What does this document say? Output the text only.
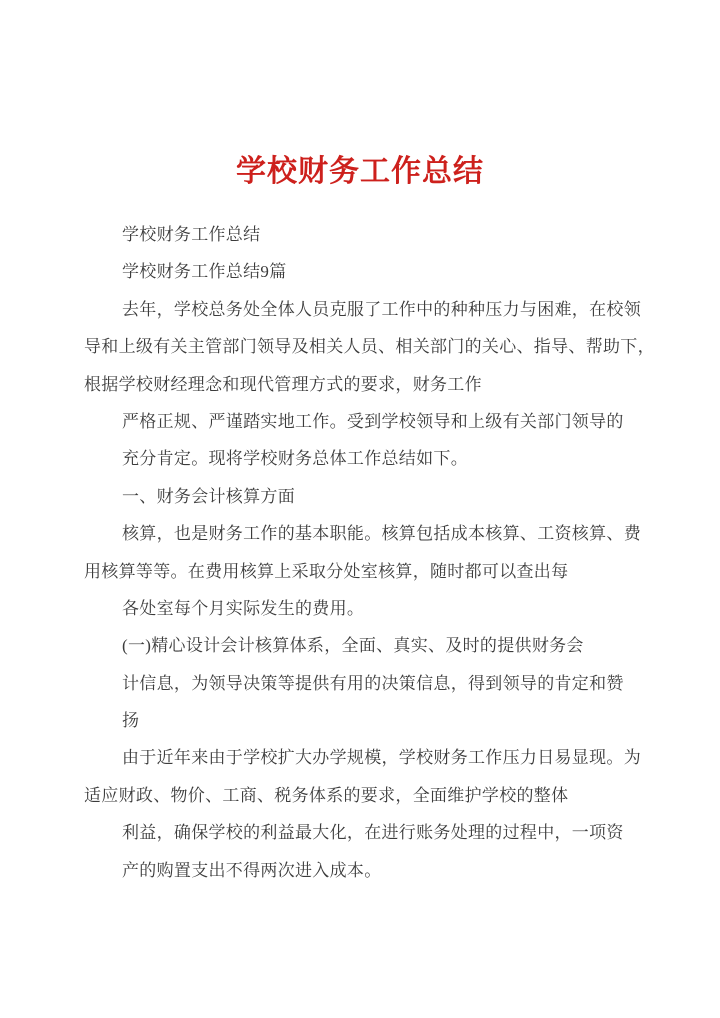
学校财务工作总结
学校财务工作总结
学校财务工作总结9篇
去年，学校总务处全体人员克服了工作中的种种压力与困难，在校领
导和上级有关主管部门领导及相关人员、相关部门的关心、指导、帮助下，
根据学校财经理念和现代管理方式的要求，财务工作
严格正规、严谨踏实地工作。受到学校领导和上级有关部门领导的
充分肯定。现将学校财务总体工作总结如下。
一、财务会计核算方面
核算，也是财务工作的基本职能。核算包括成本核算、工资核算、费
用核算等等。在费用核算上采取分处室核算，随时都可以查出每
各处室每个月实际发生的费用。
(一)精心设计会计核算体系，全面、真实、及时的提供财务会
计信息，为领导决策等提供有用的决策信息，得到领导的肯定和赞
扬
由于近年来由于学校扩大办学规模，学校财务工作压力日易显现。为
适应财政、物价、工商、税务体系的要求，全面维护学校的整体
利益，确保学校的利益最大化，在进行账务处理的过程中，一项资
产的购置支出不得两次进入成本。
